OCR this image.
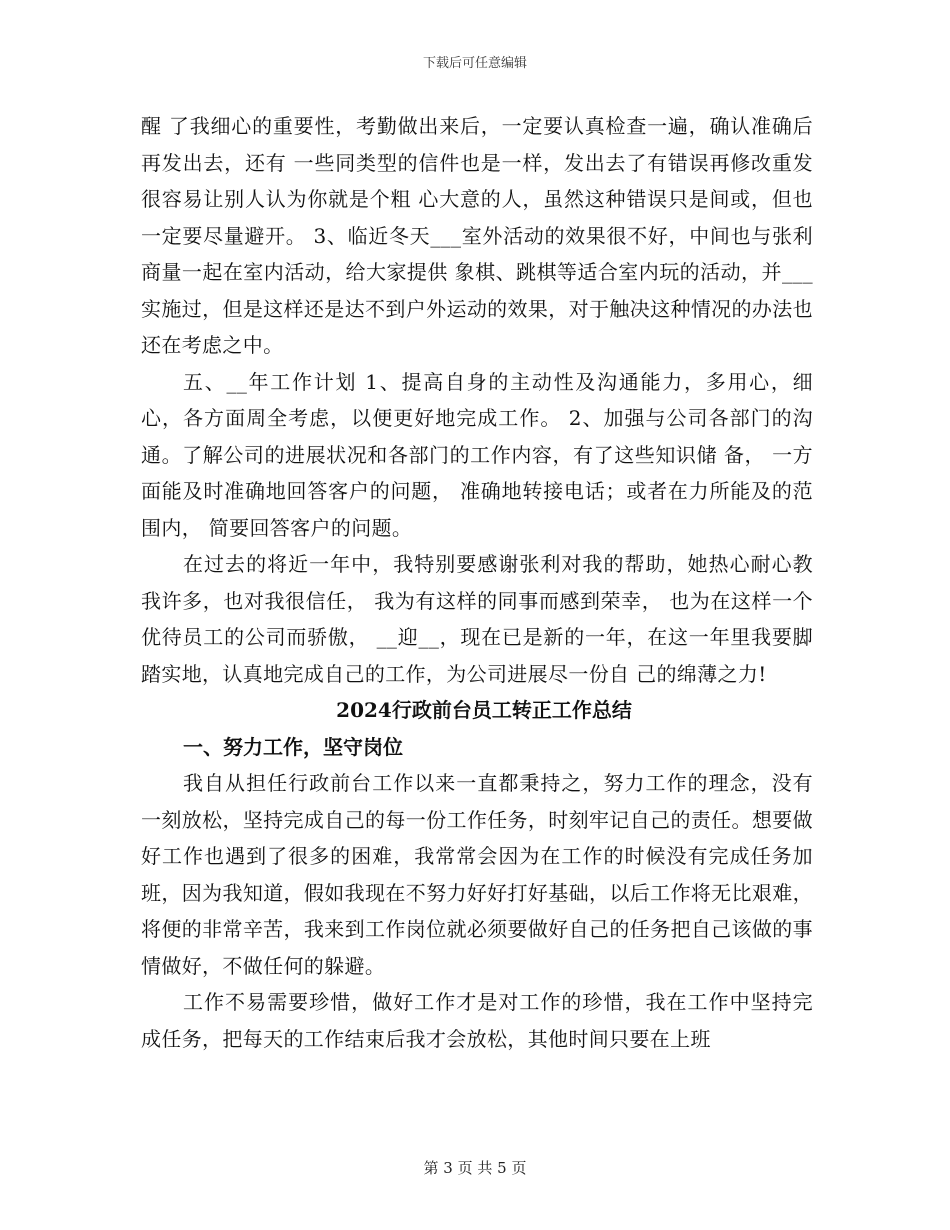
下载后可任意编辑

醒 了我细心的重要性，考勤做出来后，一定要认真检查一遍，确认准确后再发出去，还有 一些同类型的信件也是一样，发出去了有错误再修改重发很容易让别人认为你就是个粗 心大意的人，虽然这种错误只是间或，但也一定要尽量避开。 3、临近冬天___室外活动的效果很不好，中间也与张利商量一起在室内活动，给大家提供 象棋、跳棋等适合室内玩的活动，并___实施过，但是这样还是达不到户外运动的效果，对于触决这种情况的办法也还在考虑之中。

五、__年工作计划 1、提高自身的主动性及沟通能力，多用心，细心，各方面周全考虑，以便更好地完成工作。 2、加强与公司各部门的沟通。了解公司的进展状况和各部门的工作内容，有了这些知识储 备， 一方面能及时准确地回答客户的问题， 准确地转接电话；或者在力所能及的范围内， 简要回答客户的问题。

在过去的将近一年中，我特别要感谢张利对我的帮助，她热心耐心教我许多，也对我很信任， 我为有这样的同事而感到荣幸， 也为在这样一个优待员工的公司而骄傲， __迎__，现在已是新的一年，在这一年里我要脚踏实地，认真地完成自己的工作，为公司进展尽一份自 己的绵薄之力!

2024行政前台员工转正工作总结

一、努力工作，坚守岗位

我自从担任行政前台工作以来一直都秉持之，努力工作的理念，没有一刻放松，坚持完成自己的每一份工作任务，时刻牢记自己的责任。想要做好工作也遇到了很多的困难，我常常会因为在工作的时候没有完成任务加班，因为我知道，假如我现在不努力好好打好基础，以后工作将无比艰难，将便的非常辛苦，我来到工作岗位就必须要做好自己的任务把自己该做的事情做好，不做任何的躲避。

工作不易需要珍惜，做好工作才是对工作的珍惜，我在工作中坚持完成任务，把每天的工作结束后我才会放松，其他时间只要在上班

第 3 页 共 5 页
